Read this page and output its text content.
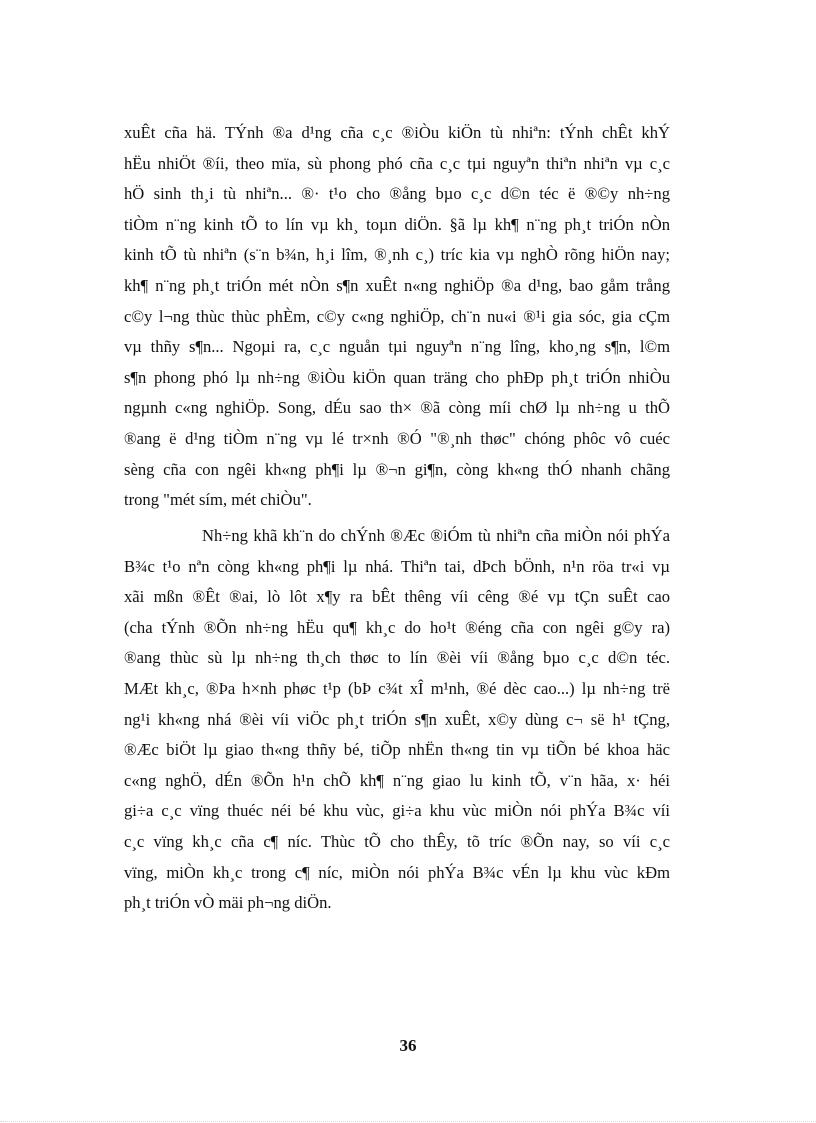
xuÊt cña hä. TÝnh ®a d¹ng cña c¸c ®iÒu kiÖn tù nhiªn: tÝnh chÊt khÝ
hËu nhiÖt ®íi, theo mïa, sù phong phó cña c¸c tµi nguyªn thiªn nhiªn vµ c¸c
hÖ sinh th¸i tù nhiªn... ®· t¹o cho ®ång bµo c¸c d©n téc ë ®©y nh÷ng
tiÒm n¨ng kinh tÕ to lín vµ kh¸ toµn diÖn. §ã lµ kh¶ n¨ng ph¸t triÓn nÒn
kinh tÕ tù nhiªn (s¨n b¾n, h¸i lîm, ®¸nh c¸) tríc kia vµ nghÒ rõng hiÖn nay;
kh¶ n¨ng ph¸t triÓn mét nÒn s¶n xuÊt n«ng nghiÖp ®a d¹ng, bao gåm trång
c©y l¬ng thùc thùc phÈm, c©y c«ng nghiÖp, ch¨n nu«i ®¹i gia sóc, gia cÇm
vµ thñy s¶n... Ngoµi ra, c¸c nguån tµi nguyªn n¨ng lîng, kho¸ng s¶n, l©m
s¶n phong phó lµ nh÷ng ®iÒu kiÖn quan träng cho phÐp ph¸t triÓn nhiÒu
ngµnh c«ng nghiÖp. Song, dÉu sao th× ®ã còng míi chØ lµ nh÷ng u thÕ
®ang ë d¹ng tiÒm n¨ng vµ lé tr×nh ®Ó "®¸nh thøc" chóng phôc vô cuéc
sèng cña con ngêi kh«ng ph¶i lµ ®¬n gi¶n, còng kh«ng thÓ nhanh chãng
trong "mét sím, mét chiÒu".
Nh÷ng khã kh¨n do chÝnh ®Æc ®iÓm tù nhiªn cña miÒn nói phÝa
B¾c t¹o nªn còng kh«ng ph¶i lµ nhá. Thiªn tai, dÞch bÖnh, n¹n röa tr«i vµ
xãi mßn ®Êt ®ai, lò lôt x¶y ra bÊt thêng víi cêng ®é vµ tÇn suÊt cao
(cha tÝnh ®Õn nh÷ng hËu qu¶ kh¸c do ho¹t ®éng cña con ngêi g©y ra)
®ang thùc sù lµ nh÷ng th¸ch thøc to lín ®èi víi ®ång bµo c¸c d©n téc.
MÆt kh¸c, ®Þa h×nh phøc t¹p (bÞ c¾t xÎ m¹nh, ®é dèc cao...) lµ nh÷ng trë
ng¹i kh«ng nhá ®èi víi viÖc ph¸t triÓn s¶n xuÊt, x©y dùng c¬ së h¹ tÇng,
®Æc biÖt lµ giao th«ng thñy bé, tiÕp nhËn th«ng tin vµ tiÕn bé khoa häc
c«ng nghÖ, dÉn ®Õn h¹n chÕ kh¶ n¨ng giao lu kinh tÕ, v¨n hãa, x· héi
gi÷a c¸c vïng thuéc néi bé khu vùc, gi÷a khu vùc miÒn nói phÝa B¾c víi
c¸c vïng kh¸c cña c¶ níc. Thùc tÕ cho thÊy, tõ tríc ®Õn nay, so víi c¸c
vïng, miÒn kh¸c trong c¶ níc, miÒn nói phÝa B¾c vÉn lµ khu vùc kÐm
ph¸t triÓn vÒ mäi ph¬ng diÖn.
36
